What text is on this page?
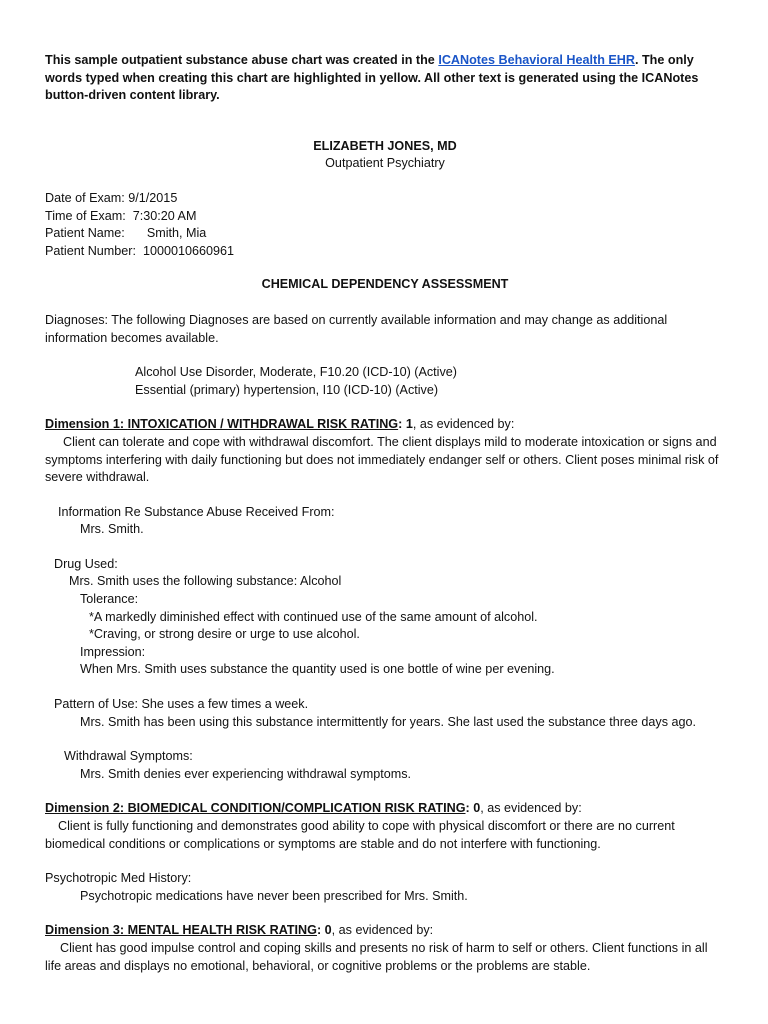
This sample outpatient substance abuse chart was created in the ICANotes Behavioral Health EHR. The only words typed when creating this chart are highlighted in yellow. All other text is generated using the ICANotes button-driven content library.
ELIZABETH JONES, MD
Outpatient Psychiatry
Date of Exam: 9/1/2015
Time of Exam: 7:30:20 AM
Patient Name: Smith, Mia
Patient Number: 1000010660961
CHEMICAL DEPENDENCY ASSESSMENT
Diagnoses: The following Diagnoses are based on currently available information and may change as additional information becomes available.
Alcohol Use Disorder, Moderate, F10.20 (ICD-10) (Active)
Essential (primary) hypertension, I10 (ICD-10) (Active)
Dimension 1: INTOXICATION / WITHDRAWAL RISK RATING: 1, as evidenced by:
Client can tolerate and cope with withdrawal discomfort. The client displays mild to moderate intoxication or signs and symptoms interfering with daily functioning but does not immediately endanger self or others. Client poses minimal risk of severe withdrawal.
Information Re Substance Abuse Received From:
Mrs. Smith.
Drug Used:
Mrs. Smith uses the following substance: Alcohol
Tolerance:
*A markedly diminished effect with continued use of the same amount of alcohol.
*Craving, or strong desire or urge to use alcohol.
Impression:
When Mrs. Smith uses substance the quantity used is one bottle of wine per evening.
Pattern of Use: She uses a few times a week.
Mrs. Smith has been using this substance intermittently for years. She last used the substance three days ago.
Withdrawal Symptoms:
Mrs. Smith denies ever experiencing withdrawal symptoms.
Dimension 2: BIOMEDICAL CONDITION/COMPLICATION RISK RATING: 0, as evidenced by:
Client is fully functioning and demonstrates good ability to cope with physical discomfort or there are no current biomedical conditions or complications or symptoms are stable and do not interfere with functioning.
Psychotropic Med History:
Psychotropic medications have never been prescribed for Mrs. Smith.
Dimension 3: MENTAL HEALTH RISK RATING: 0, as evidenced by:
Client has good impulse control and coping skills and presents no risk of harm to self or others. Client functions in all life areas and displays no emotional, behavioral, or cognitive problems or the problems are stable.
